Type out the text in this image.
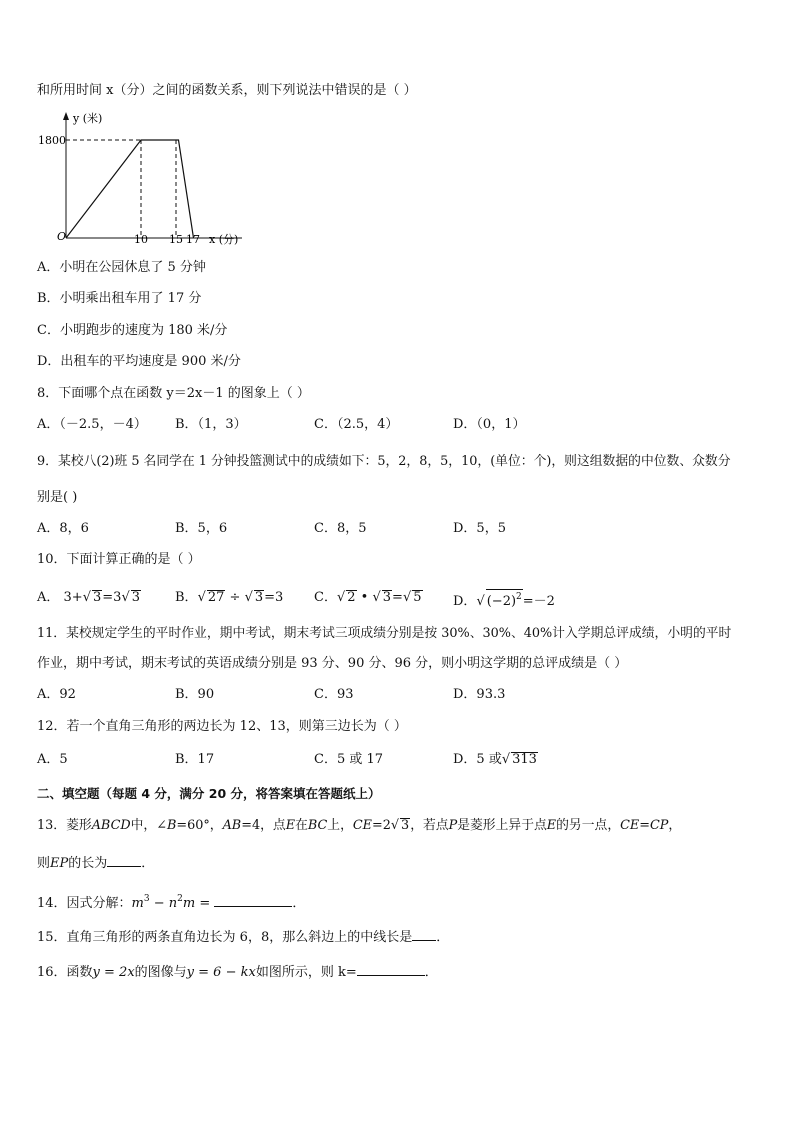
和所用时间 x（分）之间的函数关系，则下列说法中错误的是（ ）
y (米)
1800
O	10 15 17 x (分)
A．小明在公园休息了 5 分钟
B．小明乘出租车用了 17 分
C．小明跑步的速度为 180 米/分
D．出租车的平均速度是 900 米/分
8．下面哪个点在函数 y＝2x－1 的图象上（ ）
A．（－2.5，－4） B．（1，3）	C．（2.5，4）	D．（0，1）
9．某校八(2)班 5 名同学在 1 分钟投篮测试中的成绩如下：5，2，8，5，10，(单位：个)，则这组数据的中位数、众数分
别是( )
A．8，6	B．5，6	C．8，5	D．5，5
10．下面计算正确的是（ ）
A． 3+√ 3=3√ 3	B．√ 27 ÷ √ 3=3 C．√ 2 • √ 3=√ 5 D．√ $(-2)^2=-2$
11．某校规定学生的平时作业，期中考试，期末考试三项成绩分别是按 30%、30%、40%计入学期总评成绩，小明的平时
作业，期中考试，期末考试的英语成绩分别是 93 分、90 分、96 分，则小明这学期的总评成绩是（ ）
A．92	B．90	C．93	D．93.3
12．若一个直角三角形的两边长为 12、13，则第三边长为（ ）
A．5	B．17	C．5 或 17	D．5 或√ 313
二、填空题（每题 4 分，满分 20 分，将答案填在答题纸上）
13．菱形ABCD中，∠B=60°，AB=4，点E在BC上，CE=2√ 3，若点P是菱形上异于点E的另一点，CE=CP，
则EP的长为	．
14．因式分解：$m^3 - n^2m$ =	．
15．直角三角形的两条直角边长为 6，8，那么斜边上的中线长是 ．
16．函数y = 2x的图像与y = 6 − kx如图所示，则 k=	．
